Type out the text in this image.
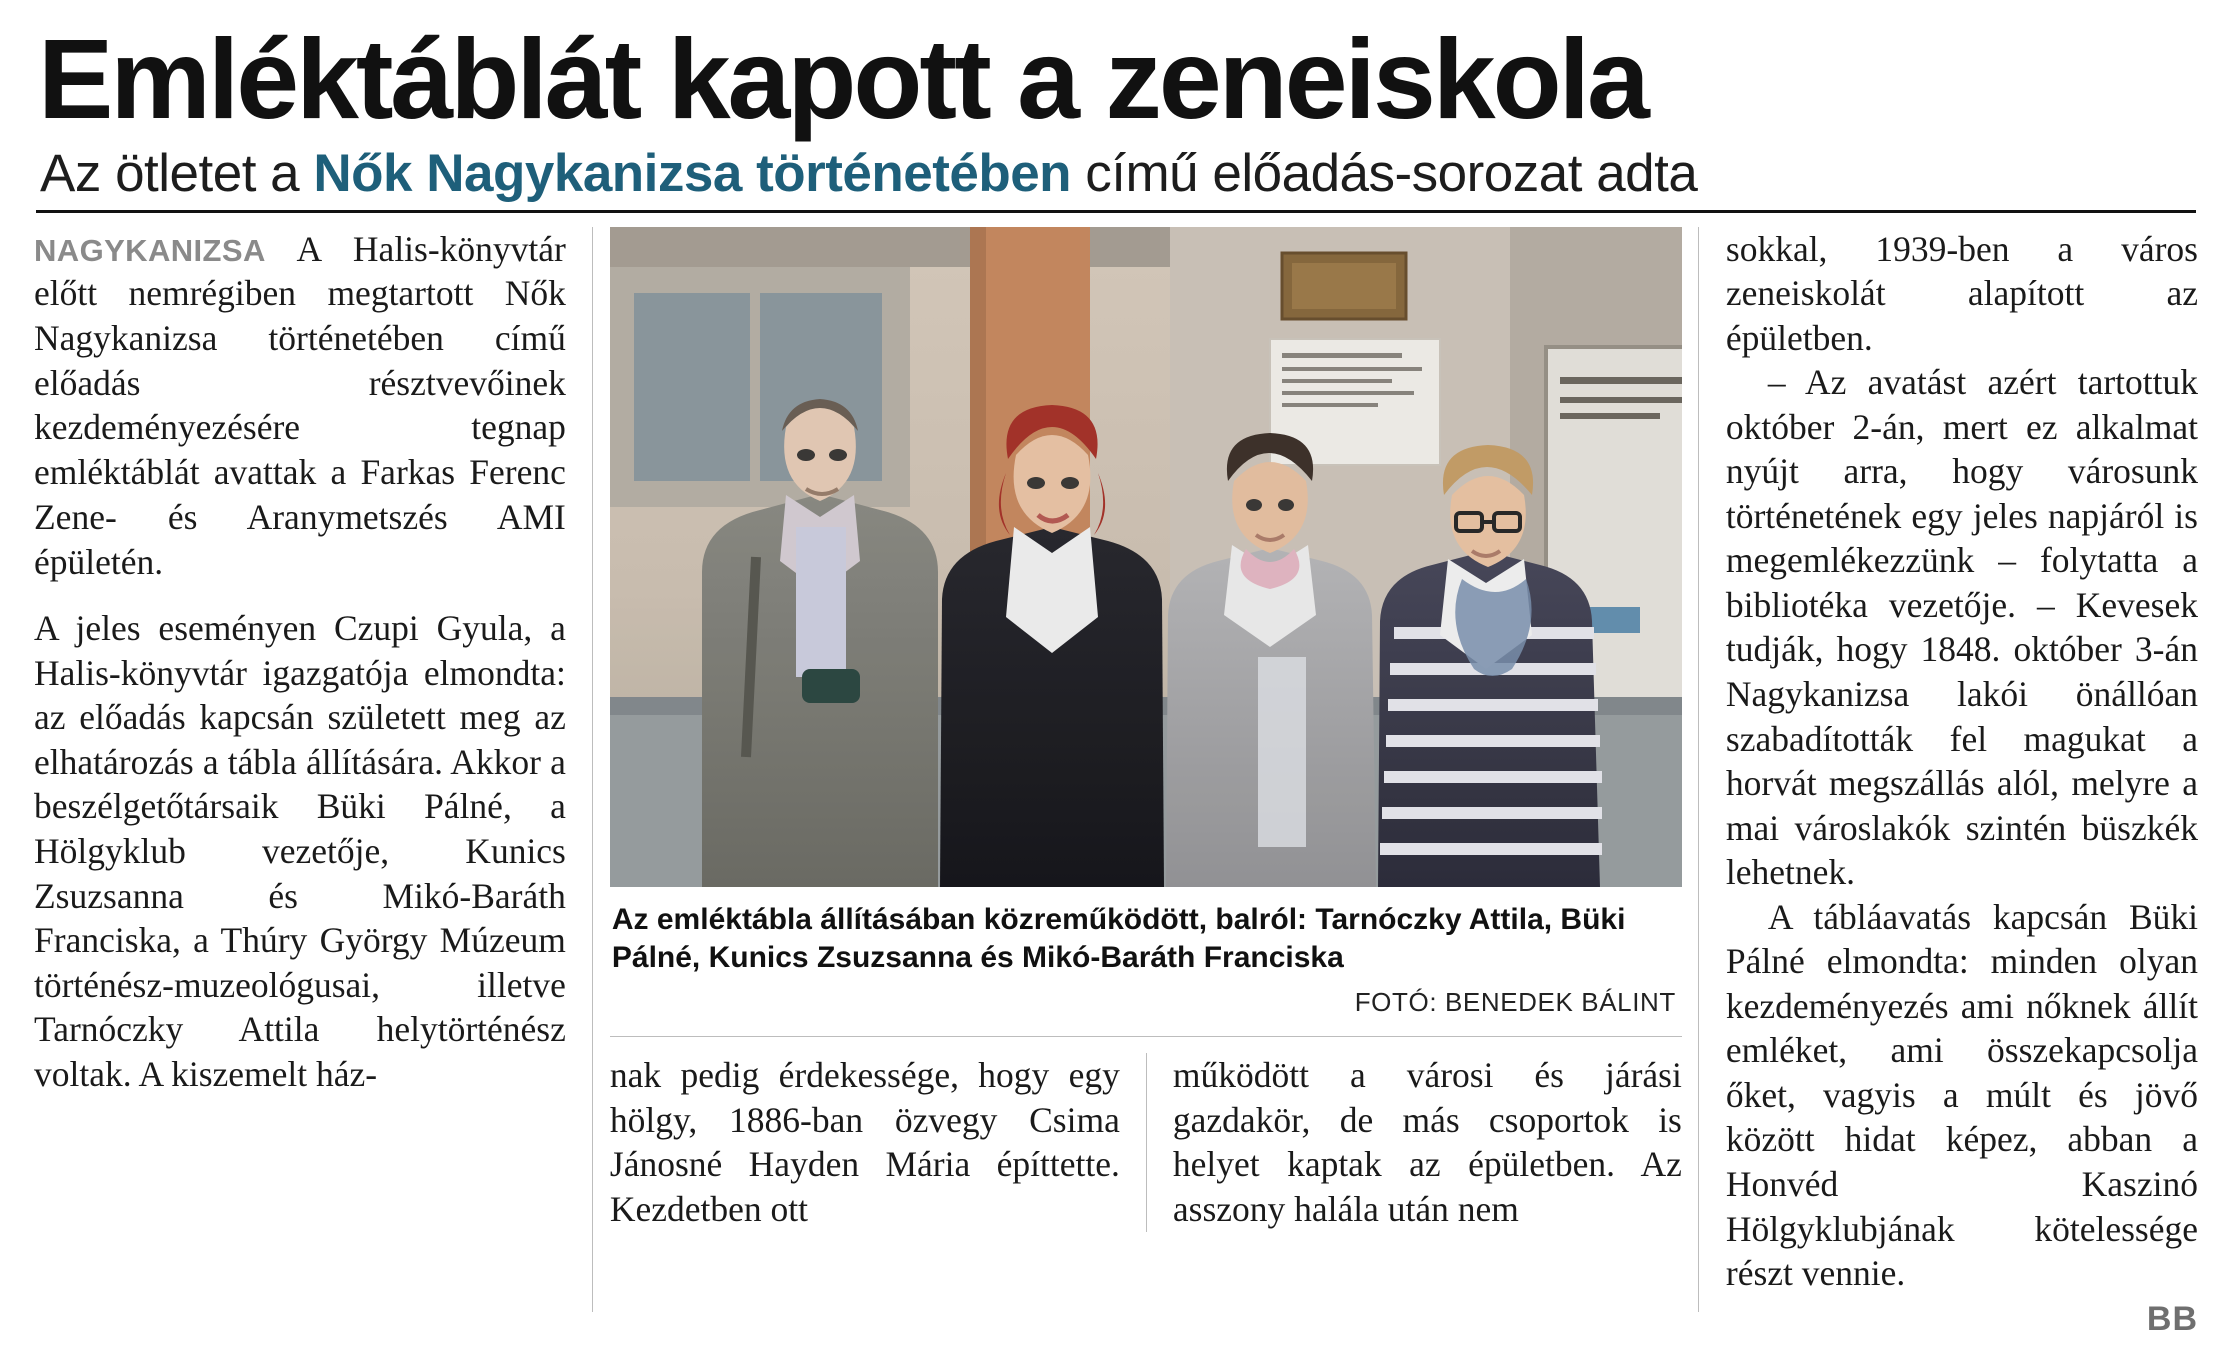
Emléktáblát kapott a zeneiskola
Az ötletet a Nők Nagykanizsa történetében című előadás-sorozat adta

NAGYKANIZSA A Halis-könyvtár előtt nemrégiben megtartott Nők Nagykanizsa történetében című előadás résztvevőinek kezdeményezésére tegnap emléktáblát avattak a Farkas Ferenc Zene- és Aranymetszés AMI épületén.

A jeles eseményen Czupi Gyula, a Halis-könyvtár igazgatója elmondta: az előadás kapcsán született meg az elhatározás a tábla állítására. Akkor a beszélgetőtársaik Büki Pálné, a Hölgyklub vezetője, Kunics Zsuzsanna és Mikó-Baráth Franciska, a Thúry György Múzeum történész-muzeológusai, illetve Tarnóczky Attila helytörténész voltak. A kiszemelt ház-

Az emléktábla állításában közreműködött, balról: Tarnóczky Attila, Büki Pálné, Kunics Zsuzsanna és Mikó-Baráth Franciska
FOTÓ: BENEDEK BÁLINT

nak pedig érdekessége, hogy egy hölgy, 1886-ban özvegy Csima Jánosné Hayden Mária építtette. Kezdetben ott

működött a városi és járási gazdakör, de más csoportok is helyet kaptak az épületben. Az asszony halála után nem

sokkal, 1939-ben a város zeneiskolát alapított az épületben.

– Az avatást azért tartottuk október 2-án, mert ez alkalmat nyújt arra, hogy városunk történetének egy jeles napjáról is megemlékezzünk – folytatta a bibliotéka vezetője. – Kevesek tudják, hogy 1848. október 3-án Nagykanizsa lakói önállóan szabadították fel magukat a horvát megszállás alól, melyre a mai városlakók szintén büszkék lehetnek.

A tábláavatás kapcsán Büki Pálné elmondta: minden olyan kezdeményezés ami nőknek állít emléket, ami összekapcsolja őket, vagyis a múlt és jövő között hidat képez, abban a Honvéd Kaszinó Hölgyklubjának kötelessége részt vennie.

BB
